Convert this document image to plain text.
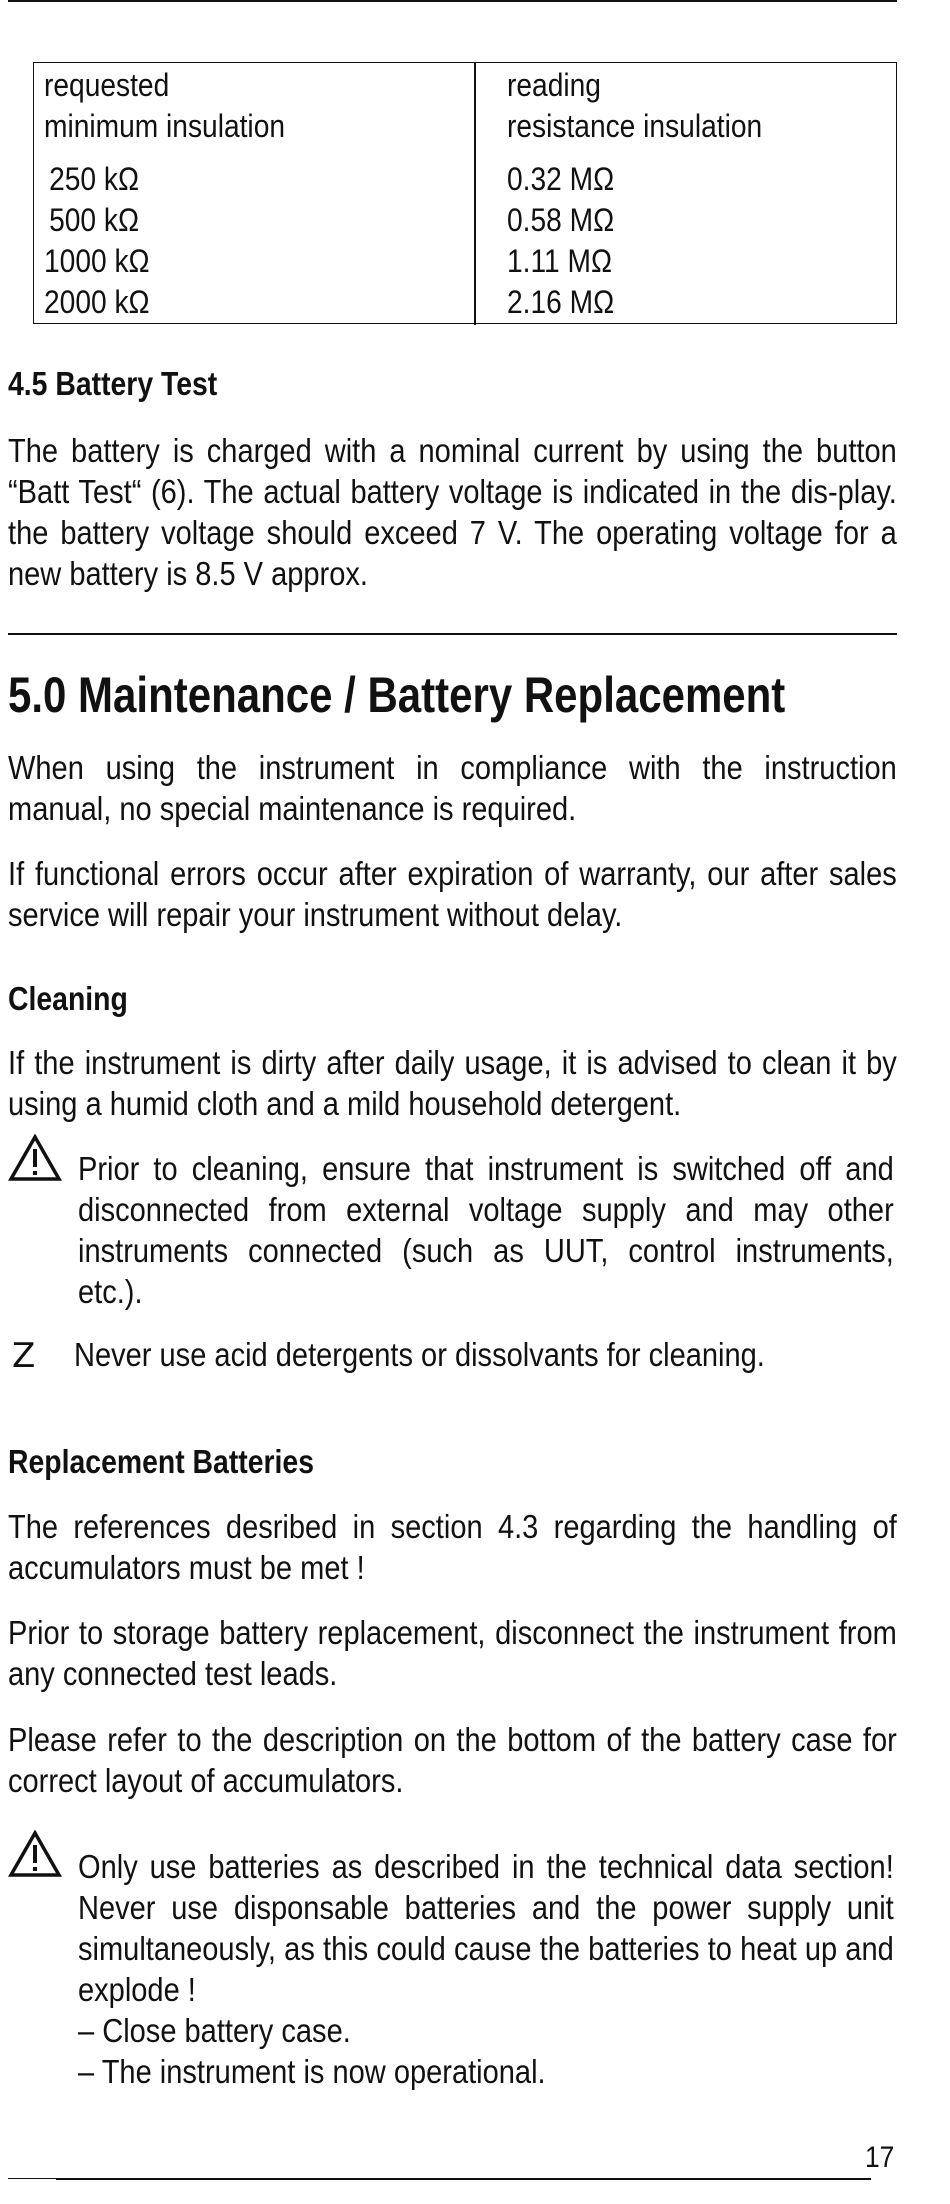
requested
minimum insulation
reading
resistance insulation
250 kΩ
500 kΩ
1000 kΩ
2000 kΩ
0.32 MΩ
0.58 MΩ
1.11 MΩ
2.16 MΩ
4.5 Battery Test
The battery is charged with a nominal current by using the button “Batt Test“ (6). The actual battery voltage is indicated in the dis-play. the battery voltage should exceed 7 V. The operating voltage for a new battery is 8.5 V approx.
5.0 Maintenance / Battery Replacement
When using the instrument in compliance with the instruction manual, no special maintenance is required.
If functional errors occur after expiration of warranty, our after sales service will repair your instrument without delay.
Cleaning
If the instrument is dirty after daily usage, it is advised to clean it by using a humid cloth and a mild household detergent.
Prior to cleaning, ensure that instrument is switched off and disconnected from external voltage supply and may other instruments connected (such as UUT, control instruments, etc.).
Z Never use acid detergents or dissolvants for cleaning.
Replacement Batteries
The references desribed in section 4.3 regarding the handling of accumulators must be met !
Prior to storage battery replacement, disconnect the instrument from any connected test leads.
Please refer to the description on the bottom of the battery case for correct layout of accumulators.
Only use batteries as described in the technical data section! Never use disponsable batteries and the power supply unit simultaneously, as this could cause the batteries to heat up and explode !
– Close battery case.
– The instrument is now operational.
17
